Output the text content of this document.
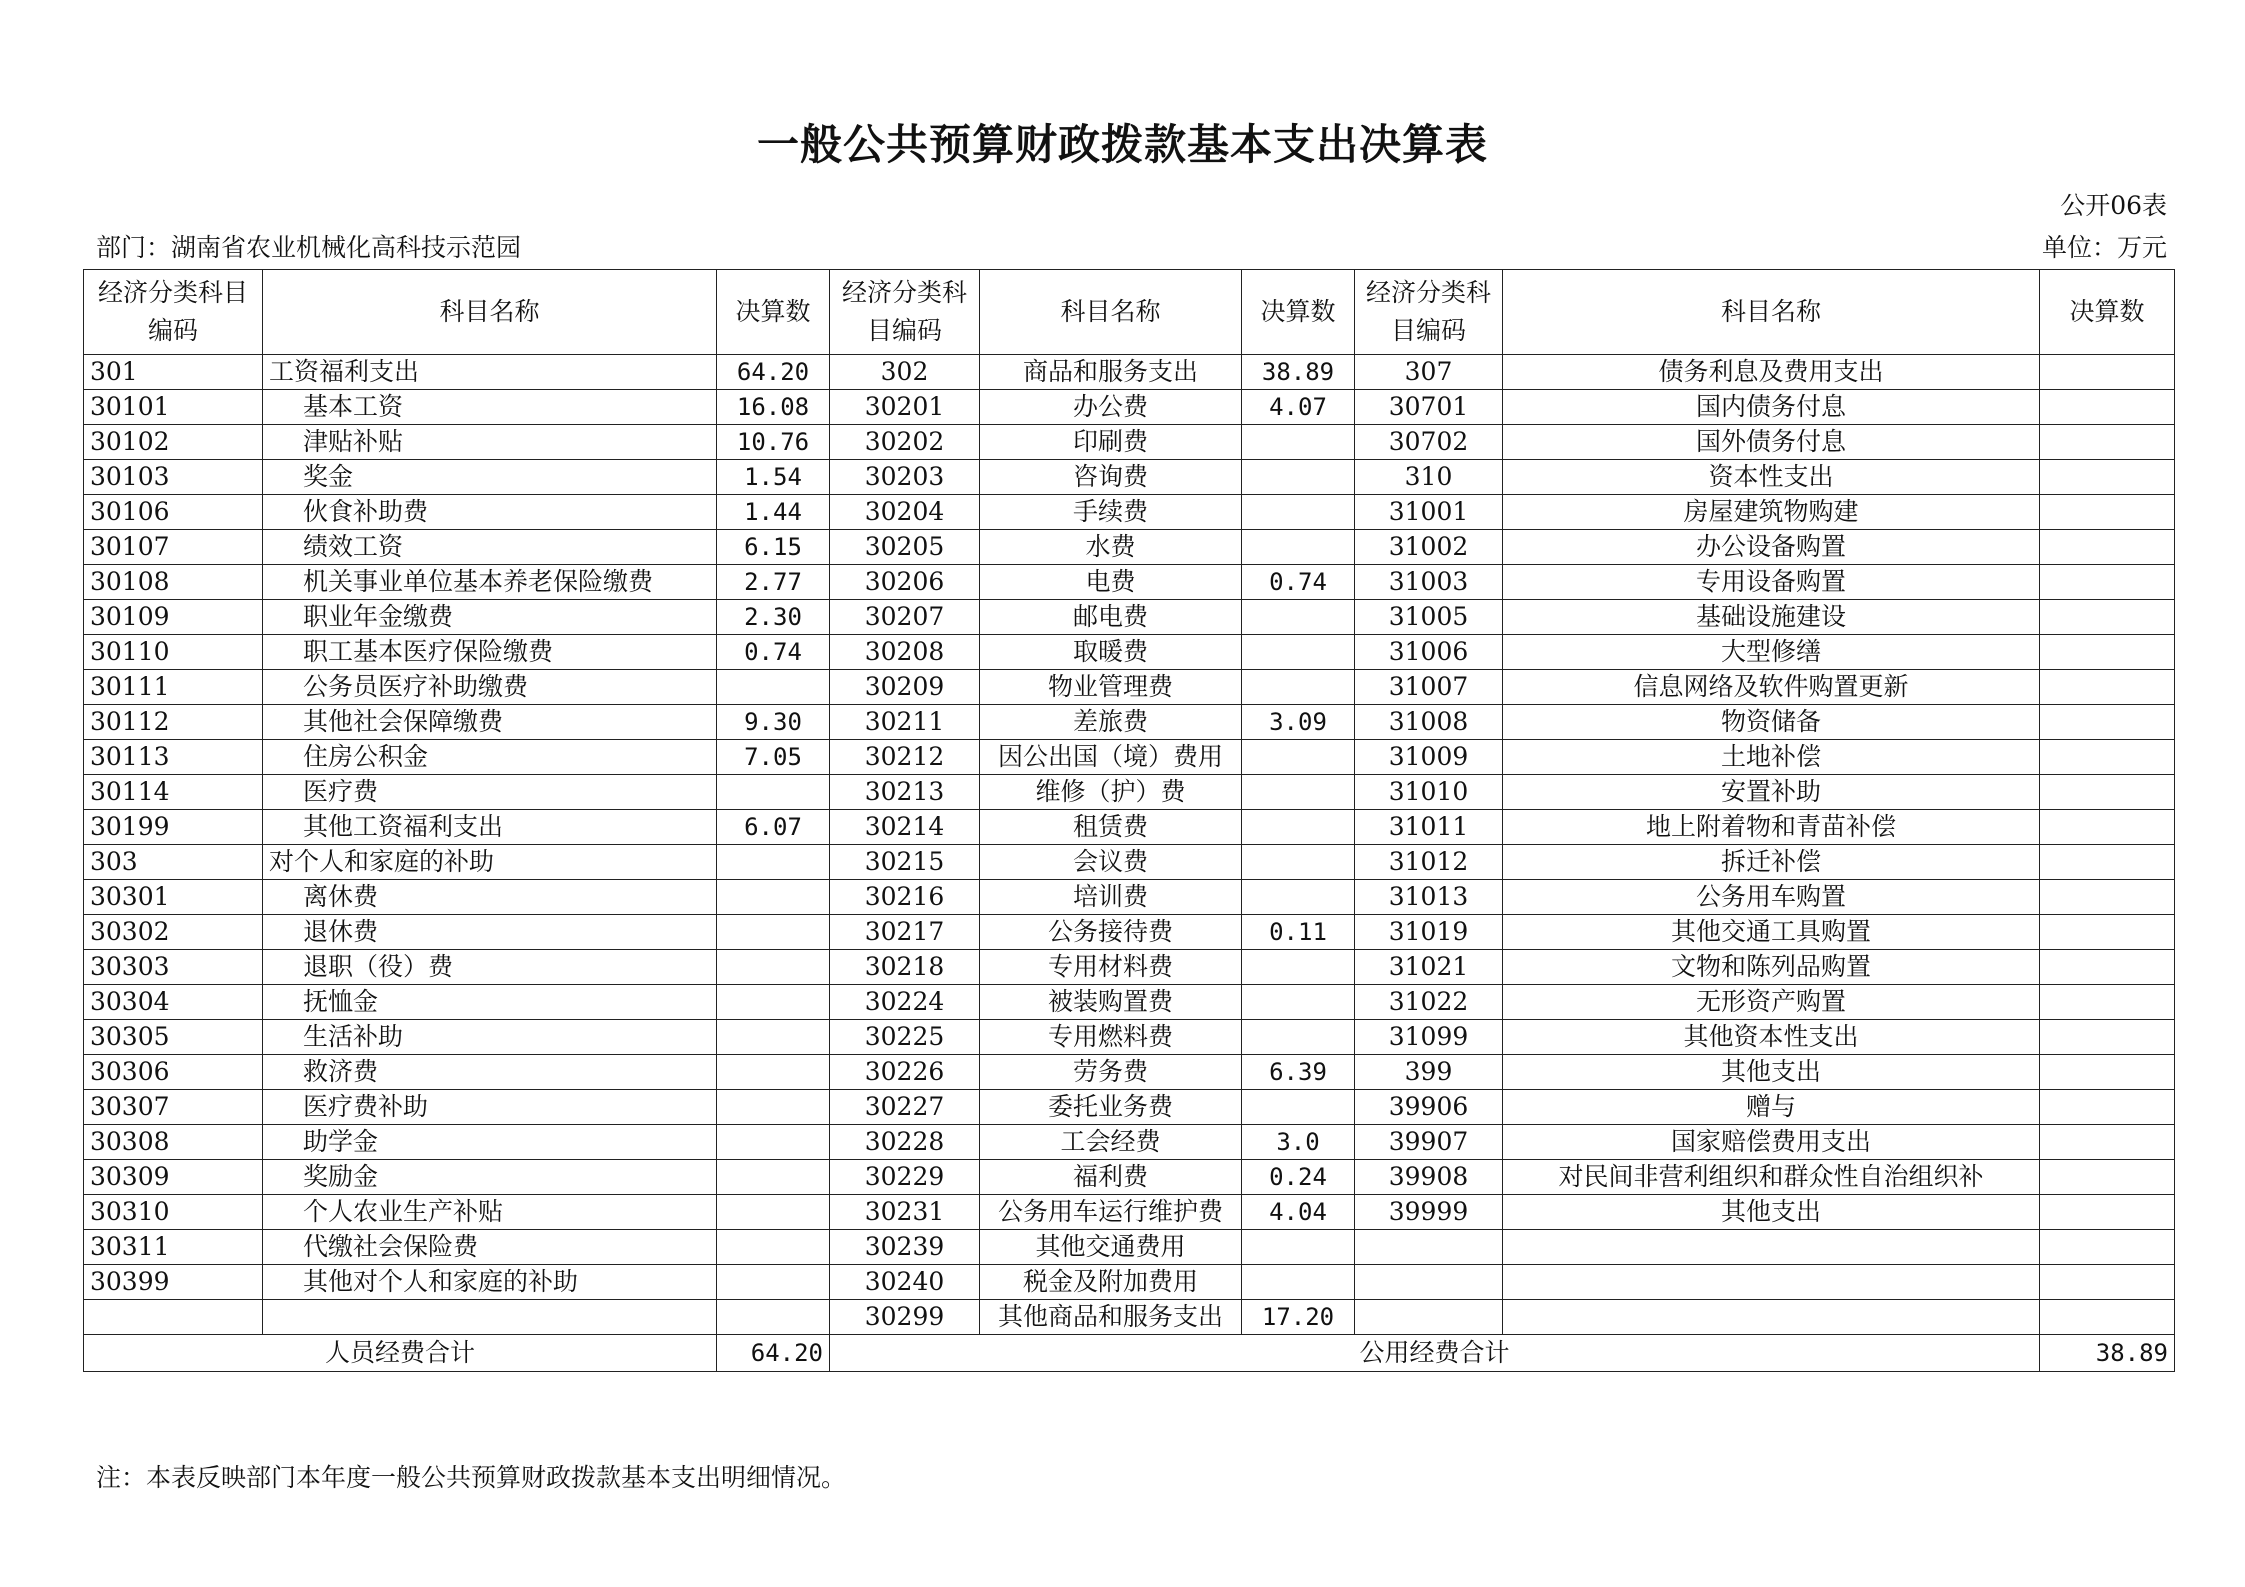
一般公共预算财政拨款基本支出决算表
公开06表
部门：湖南省农业机械化高科技示范园	单位：万元
经济分类科目编码	科目名称	决算数	经济分类科目编码	科目名称	决算数	经济分类科目编码	科目名称	决算数
301	工资福利支出	64.20	302	商品和服务支出	38.89	307	债务利息及费用支出	
30101	基本工资	16.08	30201	办公费	4.07	30701	国内债务付息	
30102	津贴补贴	10.76	30202	印刷费		30702	国外债务付息	
30103	奖金	1.54	30203	咨询费		310	资本性支出	
30106	伙食补助费	1.44	30204	手续费		31001	房屋建筑物购建	
30107	绩效工资	6.15	30205	水费		31002	办公设备购置	
30108	机关事业单位基本养老保险缴费	2.77	30206	电费	0.74	31003	专用设备购置	
30109	职业年金缴费	2.30	30207	邮电费		31005	基础设施建设	
30110	职工基本医疗保险缴费	0.74	30208	取暖费		31006	大型修缮	
30111	公务员医疗补助缴费		30209	物业管理费		31007	信息网络及软件购置更新	
30112	其他社会保障缴费	9.30	30211	差旅费	3.09	31008	物资储备	
30113	住房公积金	7.05	30212	因公出国（境）费用		31009	土地补偿	
30114	医疗费		30213	维修（护）费		31010	安置补助	
30199	其他工资福利支出	6.07	30214	租赁费		31011	地上附着物和青苗补偿	
303	对个人和家庭的补助		30215	会议费		31012	拆迁补偿	
30301	离休费		30216	培训费		31013	公务用车购置	
30302	退休费		30217	公务接待费	0.11	31019	其他交通工具购置	
30303	退职（役）费		30218	专用材料费		31021	文物和陈列品购置	
30304	抚恤金		30224	被装购置费		31022	无形资产购置	
30305	生活补助		30225	专用燃料费		31099	其他资本性支出	
30306	救济费		30226	劳务费	6.39	399	其他支出	
30307	医疗费补助		30227	委托业务费		39906	赠与	
30308	助学金		30228	工会经费	3.0	39907	国家赔偿费用支出	
30309	奖励金		30229	福利费	0.24	39908	对民间非营利组织和群众性自治组织补	
30310	个人农业生产补贴		30231	公务用车运行维护费	4.04	39999	其他支出	
30311	代缴社会保险费		30239	其他交通费用				
30399	其他对个人和家庭的补助		30240	税金及附加费用				
			30299	其他商品和服务支出	17.20			
人员经费合计		64.20	公用经费合计					38.89
注：本表反映部门本年度一般公共预算财政拨款基本支出明细情况。
